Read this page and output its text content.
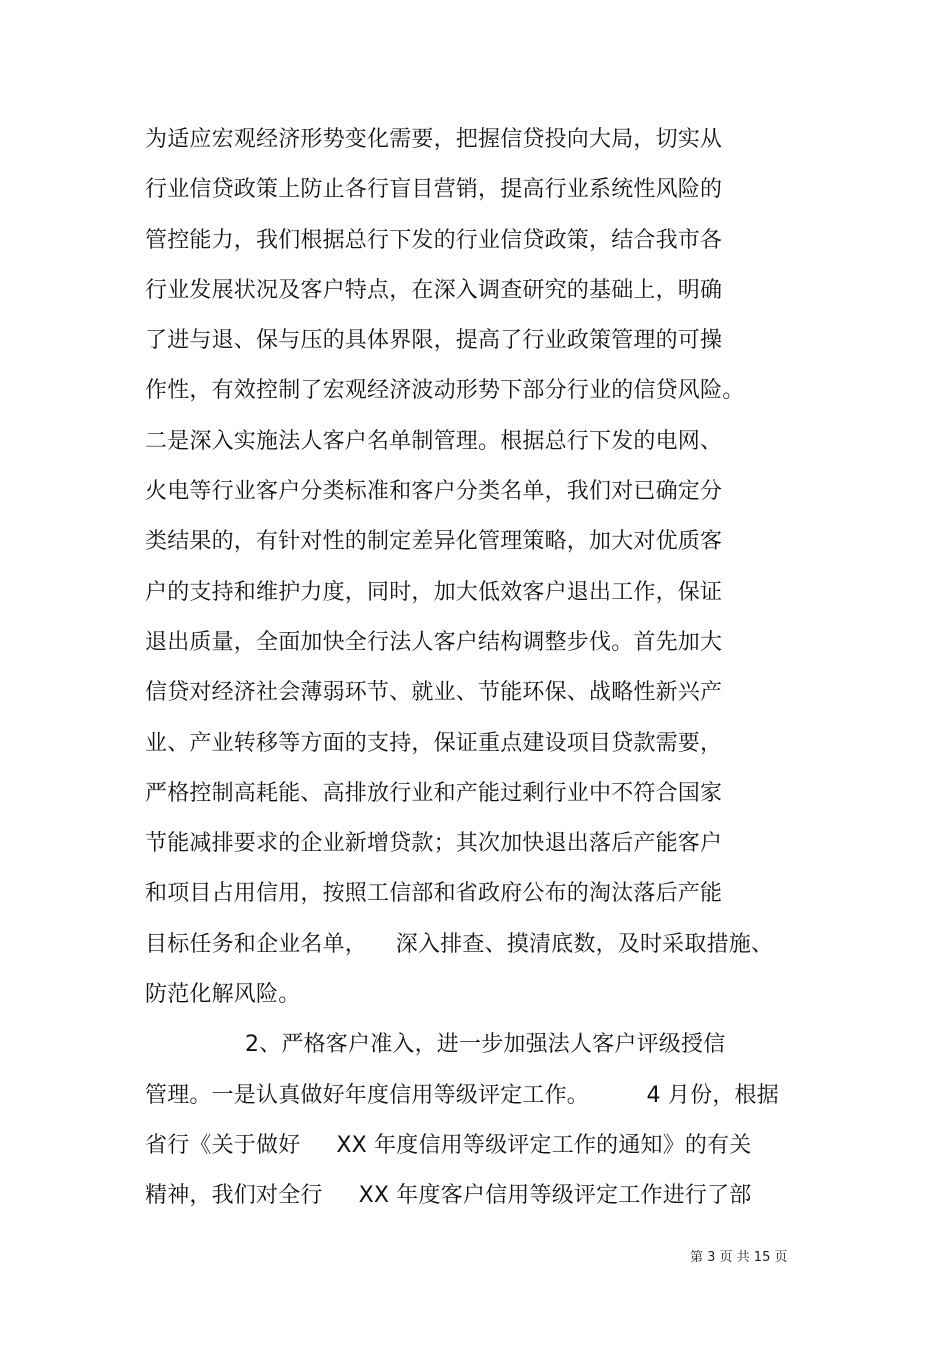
为适应宏观经济形势变化需要，把握信贷投向大局，切实从
行业信贷政策上防止各行盲目营销，提高行业系统性风险的
管控能力，我们根据总行下发的行业信贷政策，结合我市各
行业发展状况及客户特点，在深入调查研究的基础上，明确
了进与退、保与压的具体界限，提高了行业政策管理的可操
作性，有效控制了宏观经济波动形势下部分行业的信贷风险。
二是深入实施法人客户名单制管理。根据总行下发的电网、
火电等行业客户分类标准和客户分类名单，我们对已确定分
类结果的，有针对性的制定差异化管理策略，加大对优质客
户的支持和维护力度，同时，加大低效客户退出工作，保证
退出质量，全面加快全行法人客户结构调整步伐。首先加大
信贷对经济社会薄弱环节、就业、节能环保、战略性新兴产
业、产业转移等方面的支持，保证重点建设项目贷款需要，
严格控制高耗能、高排放行业和产能过剩行业中不符合国家
节能减排要求的企业新增贷款；其次加快退出落后产能客户
和项目占用信用，按照工信部和省政府公布的淘汰落后产能
目标任务和企业名单，    深入排查、摸清底数，及时采取措施、
防范化解风险。
2、严格客户准入，进一步加强法人客户评级授信
管理。一是认真做好年度信用等级评定工作。        4 月份，根据
省行《关于做好     XX 年度信用等级评定工作的通知》的有关
精神，我们对全行     XX 年度客户信用等级评定工作进行了部
第 3 页 共 15 页
